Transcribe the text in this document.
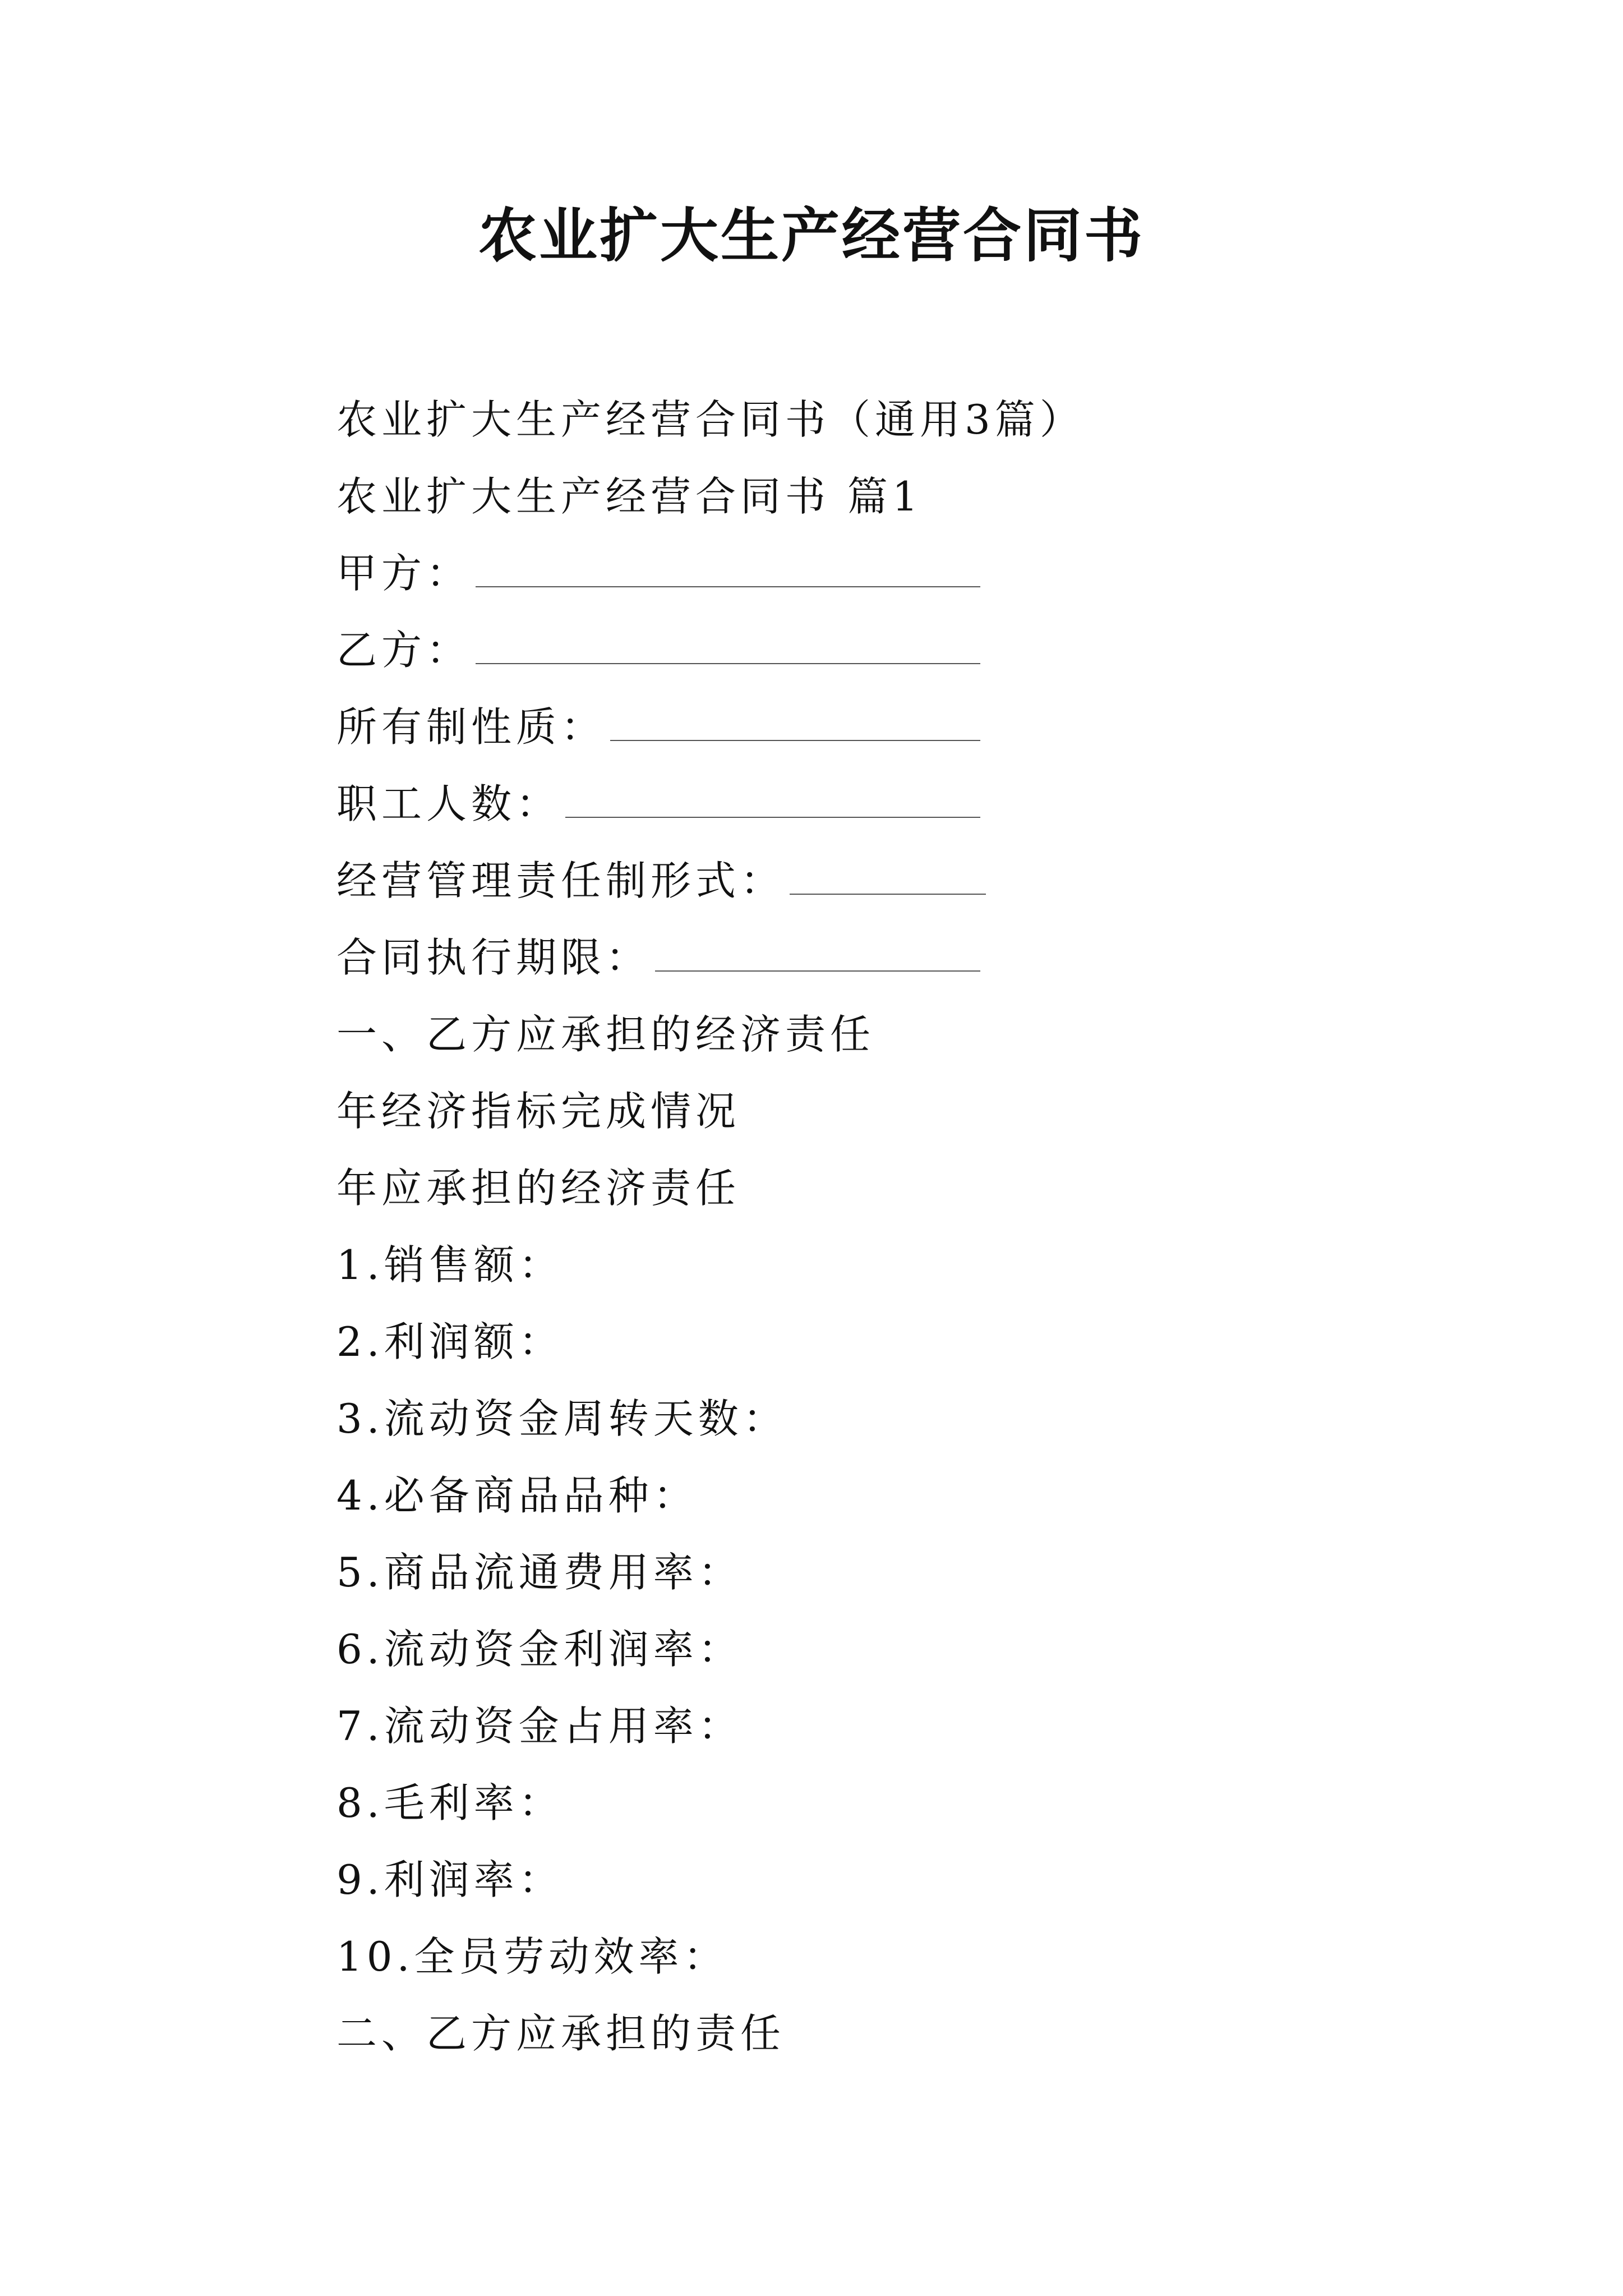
农业扩大生产经营合同书
农业扩大生产经营合同书（通用3篇）
农业扩大生产经营合同书 篇1
甲方：
乙方：
所有制性质：
职工人数：
经营管理责任制形式：
合同执行期限：
一、乙方应承担的经济责任
年经济指标完成情况
年应承担的经济责任
1.销售额：
2.利润额：
3.流动资金周转天数：
4.必备商品品种：
5.商品流通费用率：
6.流动资金利润率：
7.流动资金占用率：
8.毛利率：
9.利润率：
10.全员劳动效率：
二、乙方应承担的责任
